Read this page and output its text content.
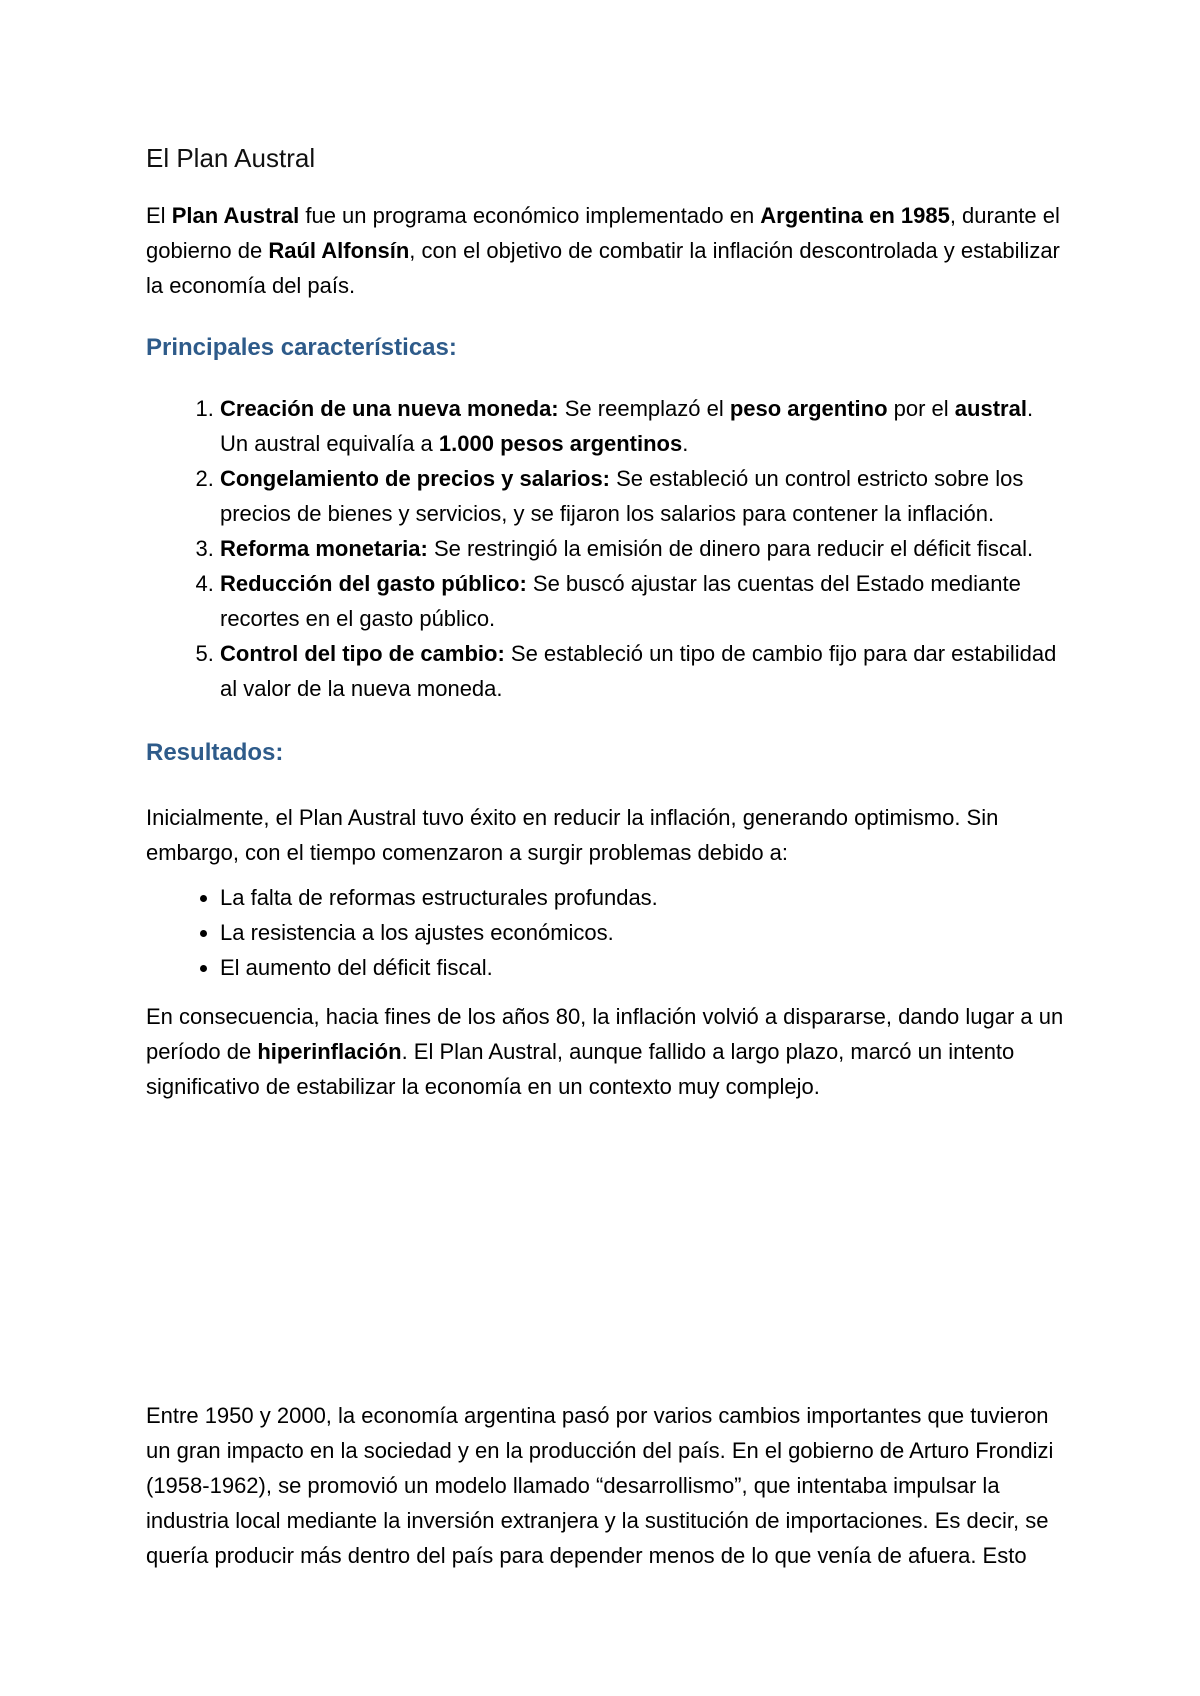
El Plan Austral

El Plan Austral fue un programa económico implementado en Argentina en 1985, durante el gobierno de Raúl Alfonsín, con el objetivo de combatir la inflación descontrolada y estabilizar la economía del país.

Principales características:
1. Creación de una nueva moneda: Se reemplazó el peso argentino por el austral. Un austral equivalía a 1.000 pesos argentinos.
2. Congelamiento de precios y salarios: Se estableció un control estricto sobre los precios de bienes y servicios, y se fijaron los salarios para contener la inflación.
3. Reforma monetaria: Se restringió la emisión de dinero para reducir el déficit fiscal.
4. Reducción del gasto público: Se buscó ajustar las cuentas del Estado mediante recortes en el gasto público.
5. Control del tipo de cambio: Se estableció un tipo de cambio fijo para dar estabilidad al valor de la nueva moneda.
Resultados:

Inicialmente, el Plan Austral tuvo éxito en reducir la inflación, generando optimismo. Sin embargo, con el tiempo comenzaron a surgir problemas debido a:

• La falta de reformas estructurales profundas.
• La resistencia a los ajustes económicos.
• El aumento del déficit fiscal.

En consecuencia, hacia fines de los años 80, la inflación volvió a dispararse, dando lugar a un período de hiperinflación. El Plan Austral, aunque fallido a largo plazo, marcó un intento significativo de estabilizar la economía en un contexto muy complejo.

Entre 1950 y 2000, la economía argentina pasó por varios cambios importantes que tuvieron un gran impacto en la sociedad y en la producción del país. En el gobierno de Arturo Frondizi (1958-1962), se promovió un modelo llamado “desarrollismo”, que intentaba impulsar la industria local mediante la inversión extranjera y la sustitución de importaciones. Es decir, se quería producir más dentro del país para depender menos de lo que venía de afuera. Esto
